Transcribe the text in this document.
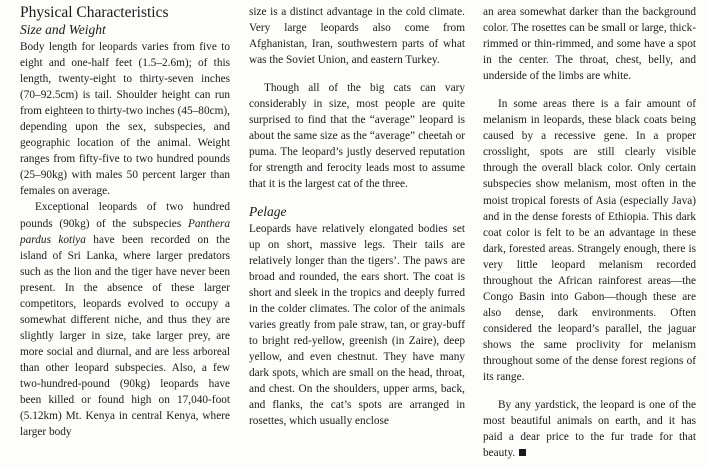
Physical Characteristics
Size and Weight

Body length for leopards varies from five to eight and one-half feet (1.5–2.6m); of this length, twenty-eight to thirty-seven inches (70–92.5cm) is tail. Shoulder height can run from eighteen to thirty-two inches (45–80cm), depending upon the sex, subspecies, and geographic location of the animal. Weight ranges from fifty-five to two hundred pounds (25–90kg) with males 50 percent larger than females on average.

Exceptional leopards of two hundred pounds (90kg) of the subspecies Panthera pardus kotiya have been recorded on the island of Sri Lanka, where larger predators such as the lion and the tiger have never been present. In the absence of these larger competitors, leopards evolved to occupy a somewhat different niche, and thus they are slightly larger in size, take larger prey, are more social and diurnal, and are less arboreal than other leopard subspecies. Also, a few two-hundred-pound (90kg) leopards have been killed or found high on 17,040-foot (5.12km) Mt. Kenya in central Kenya, where larger body

size is a distinct advantage in the cold climate. Very large leopards also come from Afghanistan, Iran, southwestern parts of what was the Soviet Union, and eastern Turkey.

Though all of the big cats can vary considerably in size, most people are quite surprised to find that the “average” leopard is about the same size as the “average” cheetah or puma. The leopard’s justly deserved reputation for strength and ferocity leads most to assume that it is the largest cat of the three.

Pelage

Leopards have relatively elongated bodies set up on short, massive legs. Their tails are relatively longer than the tigers’. The paws are broad and rounded, the ears short. The coat is short and sleek in the tropics and deeply furred in the colder climates. The color of the animals varies greatly from pale straw, tan, or gray-buff to bright red-yellow, greenish (in Zaire), deep yellow, and even chestnut. They have many dark spots, which are small on the head, throat, and chest. On the shoulders, upper arms, back, and flanks, the cat’s spots are arranged in rosettes, which usually enclose

an area somewhat darker than the background color. The rosettes can be small or large, thick-rimmed or thin-rimmed, and some have a spot in the center. The throat, chest, belly, and underside of the limbs are white.

In some areas there is a fair amount of melanism in leopards, these black coats being caused by a recessive gene. In a proper crosslight, spots are still clearly visible through the overall black color. Only certain subspecies show melanism, most often in the moist tropical forests of Asia (especially Java) and in the dense forests of Ethiopia. This dark coat color is felt to be an advantage in these dark, forested areas. Strangely enough, there is very little leopard melanism recorded throughout the African rainforest areas—the Congo Basin into Gabon—though these are also dense, dark environments. Often considered the leopard’s parallel, the jaguar shows the same proclivity for melanism throughout some of the dense forest regions of its range.

By any yardstick, the leopard is one of the most beautiful animals on earth, and it has paid a dear price to the fur trade for that beauty.
